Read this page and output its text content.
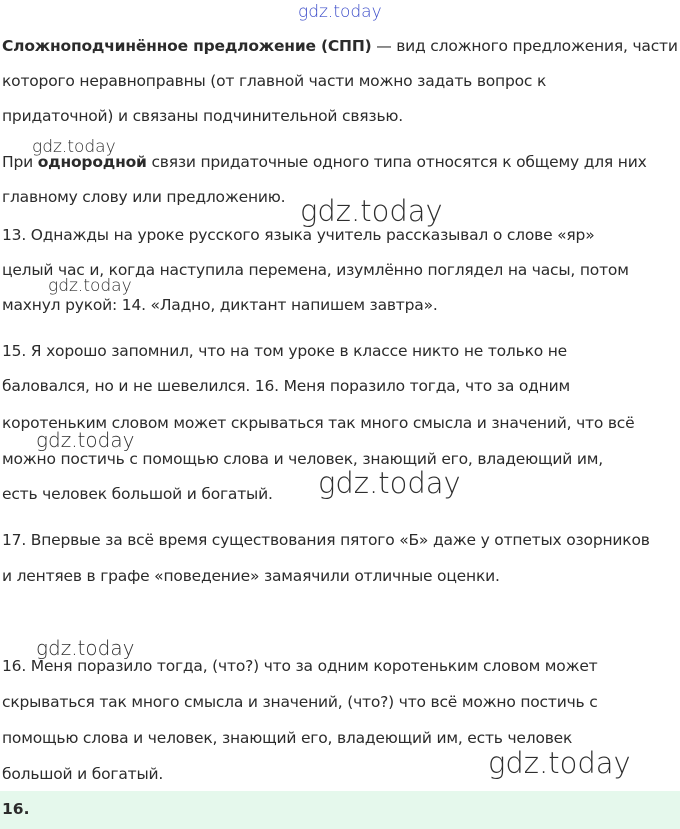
gdz.today
gdz.today
gdz.today
gdz.today
gdz.today
gdz.today
gdz.today
gdz.today
Сложноподчинённое предложение (СПП) — вид сложного предложения, части
которого неравноправны (от главной части можно задать вопрос к
придаточной) и связаны подчинительной связью.
При однородной связи придаточные одного типа относятся к общему для них
главному слову или предложению.
13. Однажды на уроке русского языка учитель рассказывал о слове «яр»
целый час и, когда наступила перемена, изумлённо поглядел на часы, потом
махнул рукой: 14. «Ладно, диктант напишем завтра».
15. Я хорошо запомнил, что на том уроке в классе никто не только не
баловался, но и не шевелился. 16. Меня поразило тогда, что за одним
коротеньким словом может скрываться так много смысла и значений, что всё
можно постичь с помощью слова и человек, знающий его, владеющий им,
есть человек большой и богатый.
17. Впервые за всё время существования пятого «Б» даже у отпетых озорников
и лентяев в графе «поведение» замаячили отличные оценки.
16. Меня поразило тогда, (что?) что за одним коротеньким словом может
скрываться так много смысла и значений, (что?) что всё можно постичь с
помощью слова и человек, знающий его, владеющий им, есть человек
большой и богатый.
16.
